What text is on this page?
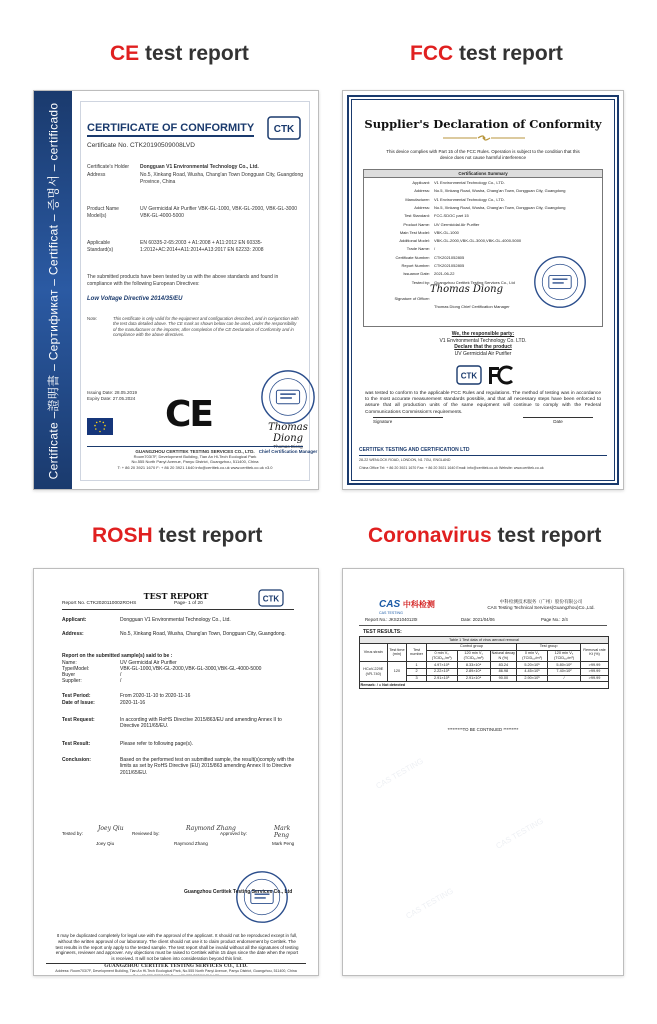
CE test report	FCC test report
ROSH test report	Coronavirus test report
Certificate –證明書 – Сертификат – Certificat – 증명서 – certificado CERTIFICATE OF CONFORMITY
Certificate No. CTK20190509008LVD
CTK
Certificate's Holder	Dongguan V1 Environmental Technology Co., Ltd.
Address	No.5, Xinkang Road, Wusha, Chang'an Town Dongguan City, Guangdong Province, China
Product Name Model(s)
UV Germicidal Air Purifier VBK-GL-1000, VBK-GL-2000, VBK-GL-3000 VBK-GL-4000-5000
Applicable Standard(s)
EN 60335-2-65:2003 + A1:2008 + A11:2012 EN 60335-1:2012+AC:2014+A11:2014+A13:2017 EN 62233: 2008
The submitted products have been tested by us with the above standards and found in compliance with the following European Directives:
Low Voltage Directive 2014/35/EU
Note:	This certificate is only valid for the equipment and configuration described, and in conjunction with the test data detailed above. The CE mark as shown below can be used, under the responsibility of the manufacturer or the importer, after completion of the CE Declaration of Conformity and in compliance with the above directives.
Issuing Date: 28.05.2019
Expiry Date: 27.05.2024 CE	Thomas Diong
Thomas Diong
Chief Certification Manager
GUANGZHOU CERTITEK TESTING SERVICES CO., LTD.
Room703/7F, Development Building, Tian An Hi-Tech Ecological Park
No.555 North Panyi Avenue, Panyu District, Guangzhou, 511400, China
T: + 86 20 3921 1670 F: + 86 20 3921 1640 info@certitek.co.uk www.certitek.co.uk v3.0
Supplier's Declaration of Conformity
This device complies with Part 15 of the FCC Rules. Operation is subject to the condition that this
device does not cause harmful interference
Certifications Summary
Applicant: V1 Environmental Technology Co., LTD.
Address: No.5, Xinkang Road, Wusha, Chang'an Town, Dongguan City, Guangdong
Manufacturer: V1 Environmental Technology Co., LTD.
Address: No.5, Xinkang Road, Wusha, Chang'an Town, Dongguan City, Guangdong
Test Standard: FCC-SDOC part 15
Product Name: UV Germicidal Air Purifier
Main Test Model: VBK-GL-1000
Additional Model: VBK-GL-2000,VBK-GL-3000,VBK-GL-4000-5000
Trade Name: /
Certificate Number: CTK2021052805
Report Number: CTK2021052805
Issuance Date: 2021-06-22
Tested by: Guangzhou Certitek Testing Services Co., Ltd
Signature of Officer:
Thomas Diong
Thomas Diong Chief Certification Manager
We, the responsible party:
V1 Environmental Technology Co. LTD.
Declare that the product
UV Germicidal Air Purifier
CTK
was tested to conform to the applicable FCC Rules and regulations. The method of testing was in accordance to the most accurate measurement standards possible, and that all necessary steps have been enforced to assure that all production units of the same equipment will continue to comply with the Federal Communications Commission's requirements.
Signature	Date
CERTITEK TESTING AND CERTIFICATION LTD
28-22 WENLOCK ROAD, LONDON, N1 7GU, ENGLAND
China Office Tel: + 86 20 3921 1670 Fax: + 86 20 3921 1640 Email: info@certitek.co.uk Website: www.certitek.co.uk
TEST REPORT
Report No. CTK2020110002ROHS	Page- 1 of 20	CTK
Applicant:	Dongguan V1 Environmental Technology Co., Ltd.
Address:	No.5, Xinkang Road, Wusha, Chang'an Town, Dongguan City, Guangdong.
Report on the submitted sample(s) said to be :
Name:	UV Germicidal Air Purifier
Type/Model:	VBK-GL-1000,VBK-GL-2000,VBK-GL-3000,VBK-GL-4000-5000
Buyer	/
Supplier:	/
Test Period:	From 2020-11-10 to 2020-11-16
Date of Issue:	2020-11-16
Test Request:	In according with RoHS Directive 2015/863/EU and amending Annex II to Directive 2011/65/EU.
Test Result:	Please refer to following page(s).
Conclusion:	Based on the performed test on submitted sample, the result(s)comply with the limits as set by RoHS Directive (EU) 2015/863 amending Annex II to Directive 2011/65/EU.
Joey Qiu	Raymond Zhang	Mark Peng
Tested by:	Reviewed by:	Approved by:
Joey Qiu	Raymond Zhang	Mark Peng
Guangzhou Certitek Testing Services Co., Ltd
It may be duplicated completely for legal use with the approval of the applicant. It should not be reproduced except in full, without the written approval of our laboratory. The client should not use it to claim product endorsement by Certitek. The test results in the report only apply to the tested sample. The test report shall be invalid without all the signatures of testing engineers, reviewer and approver. Any objections must be raised to Certitek within 15 days since the date when the report is received. It will not be taken into consideration beyond this limit.
GUANGZHOU CERTITEK TESTING SERVICES CO., LTD.
Address: Room703/7F, Development Building, Tian An Hi-Tech Ecological Park, No.555 North Panyi Avenue, Panyu District, Guangzhou, 511400, China
Tel: +86-020-39211670 Fax: +86-020-39211640 1 / 20
CAS TESTING
CAS TESTING
CAS TESTING
CAS 中科检测
CAS TESTING
中科检测技术服务（广州）股份有限公司
CAS Testing Technical Services(Guangzhou)Co.,Ltd.
Report No.: JKS21040120I	Date: 2021/04/06	Page No.: 2/4
TEST RESULTS:
Table 1 Test data of virus aerosol removal								
Virus strain	Test time (min)	Test number	Control group			Test group		Removal rate Kt (%)
			0 min V₀ (TCID₅₀/m³)	120 min V₁ (TCID₅₀/m³)	Natural decay N (%)	0 min V₂ (TCID₅₀/m³)	120 min V₃ (TCID₅₀/m³)	
HCoV-229E (VR-740)	120	1	4.97×10⁵	8.33×10⁴	83.24	5.20×10⁵	5.80×10²	>99.99
		2	2.22×10⁵	2.89×10⁴	86.98	4.45×10⁵	7.40×10²	>99.99
		3	2.91×10⁵	2.91×10⁴	90.00	2.90×10⁵	/	>99.99
Remark: / = Not detected								
*********TO BE CONTINUED *********
